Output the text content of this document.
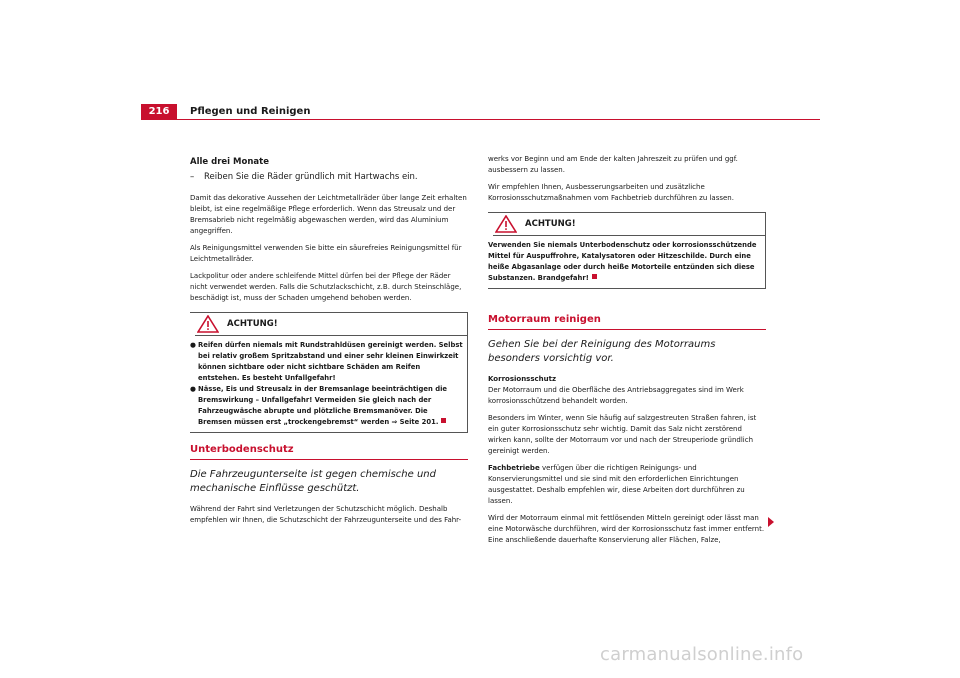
216	Pflegen und Reinigen
Alle drei Monate
–	Reiben Sie die Räder gründlich mit Hartwachs ein.

Damit das dekorative Aussehen der Leichtmetallräder über lange Zeit erhalten bleibt, ist eine regelmäßige Pflege erforderlich. Wenn das Streusalz und der Bremsabrieb nicht regelmäßig abgewaschen werden, wird das Aluminium angegriffen.

Als Reinigungsmittel verwenden Sie bitte ein säurefreies Reinigungsmittel für Leichtmetallräder.

Lackpolitur oder andere schleifende Mittel dürfen bei der Pflege der Räder nicht verwendet werden. Falls die Schutzlackschicht, z.B. durch Steinschläge, beschädigt ist, muss der Schaden umgehend behoben werden.

ACHTUNG!
● Reifen dürfen niemals mit Rundstrahldüsen gereinigt werden. Selbst bei relativ großem Spritzabstand und einer sehr kleinen Einwirkzeit können sichtbare oder nicht sichtbare Schäden am Reifen entstehen. Es besteht Unfallgefahr!
● Nässe, Eis und Streusalz in der Bremsanlage beeinträchtigen die Bremswirkung – Unfallgefahr! Vermeiden Sie gleich nach der Fahrzeugwäsche abrupte und plötzliche Bremsmanöver. Die Bremsen müssen erst „trockengebremst“ werden ⇒ Seite 201.
Unterbodenschutz
Die Fahrzeugunterseite ist gegen chemische und mechanische Einflüsse geschützt.

Während der Fahrt sind Verletzungen der Schutzschicht möglich. Deshalb empfehlen wir Ihnen, die Schutzschicht der Fahrzeugunterseite und des Fahr-

werks vor Beginn und am Ende der kalten Jahreszeit zu prüfen und ggf. ausbessern zu lassen.

Wir empfehlen Ihnen, Ausbesserungsarbeiten und zusätzliche Korrosionsschutzmaßnahmen vom Fachbetrieb durchführen zu lassen.

ACHTUNG!
Verwenden Sie niemals Unterbodenschutz oder korrosionsschützende Mittel für Auspuffrohre, Katalysatoren oder Hitzeschilde. Durch eine heiße Abgasanlage oder durch heiße Motorteile entzünden sich diese Substanzen. Brandgefahr!
Motorraum reinigen
Gehen Sie bei der Reinigung des Motorraums besonders vorsichtig vor.
Korrosionsschutz

Der Motorraum und die Oberfläche des Antriebsaggregates sind im Werk korrosionsschützend behandelt worden.

Besonders im Winter, wenn Sie häufig auf salzgestreuten Straßen fahren, ist ein guter Korrosionsschutz sehr wichtig. Damit das Salz nicht zerstörend wirken kann, sollte der Motorraum vor und nach der Streuperiode gründlich gereinigt werden.

Fachbetriebe verfügen über die richtigen Reinigungs- und Konservierungsmittel und sie sind mit den erforderlichen Einrichtungen ausgestattet. Deshalb empfehlen wir, diese Arbeiten dort durchführen zu lassen.

Wird der Motorraum einmal mit fettlösenden Mitteln gereinigt oder lässt man eine Motorwäsche durchführen, wird der Korrosionsschutz fast immer entfernt. Eine anschließende dauerhafte Konservierung aller Flächen, Falze,

carmanualsonline.info
